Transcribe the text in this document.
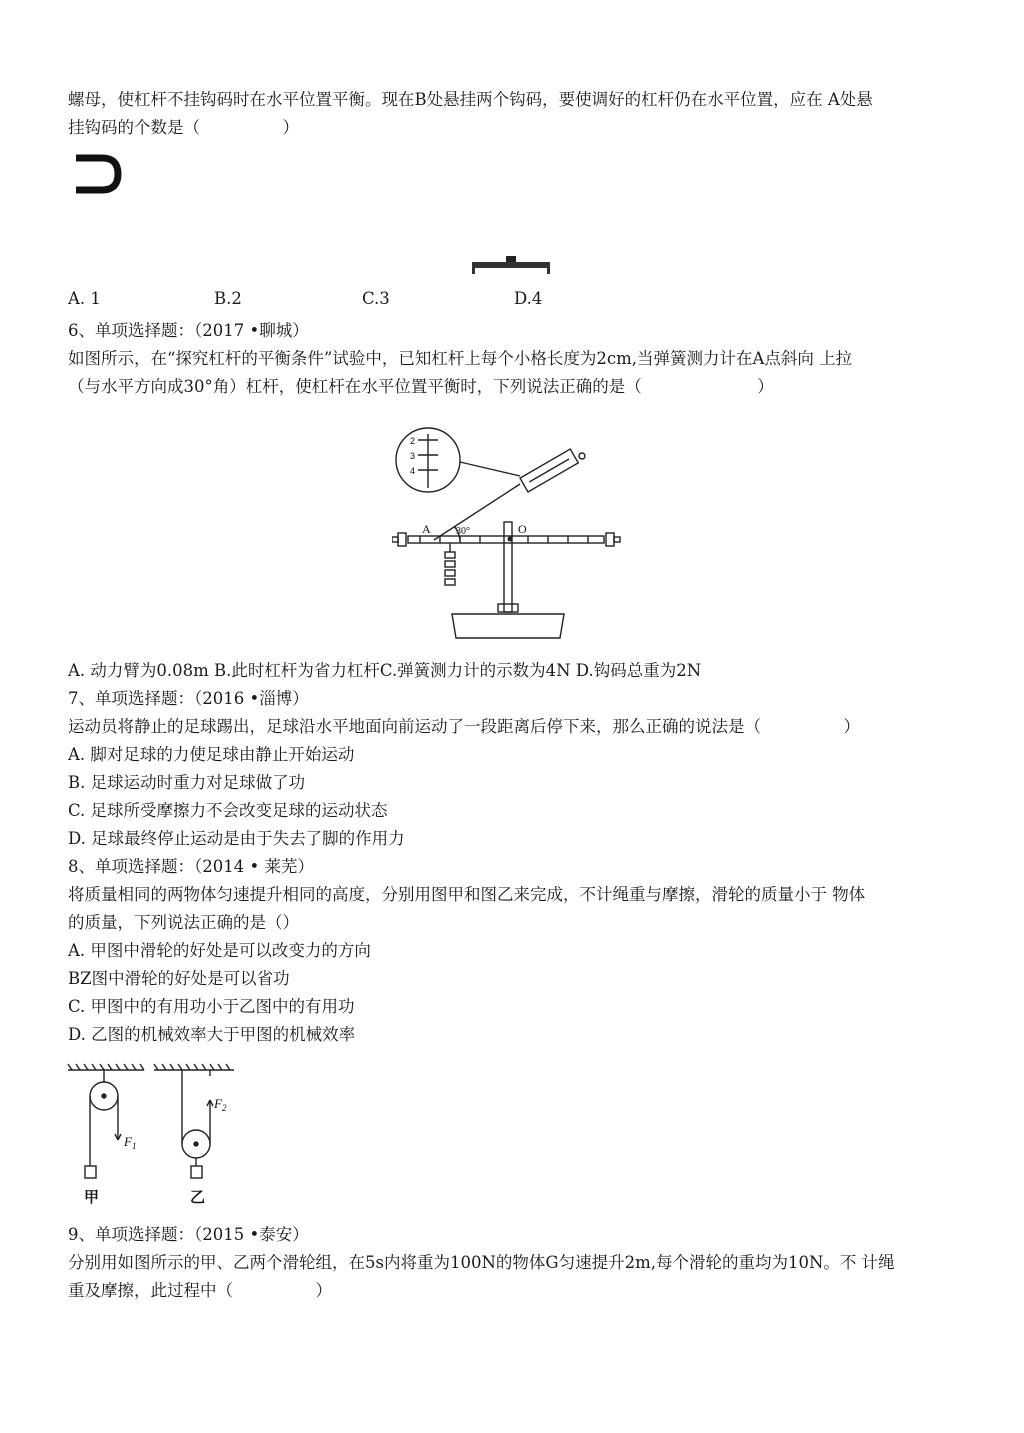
螺母，使杠杆不挂钩码时在水平位置平衡。现在B处悬挂两个钩码，要使调好的杠杆仍在水平位置，应在 A处悬
挂钩码的个数是（　　　　　）
A. 1	B.2	C.3	D.4
6、单项选择题：（2017 •聊城）
如图所示，在“探究杠杆的平衡条件”试验中，已知杠杆上每个小格长度为2cm,当弹簧测力计在A点斜向 上拉
（与水平方向成30°角）杠杆，使杠杆在水平位置平衡时，下列说法正确的是（　　　　　　　）
A	O
30°
2
3
4
A. 动力臂为0.08m B.此时杠杆为省力杠杆C.弹簧测力计的示数为4N D.钩码总重为2N
7、单项选择题：（2016 •淄博）
运动员将静止的足球踢出，足球沿水平地面向前运动了一段距离后停下来，那么正确的说法是（　　　　　）
A. 脚对足球的力使足球由静止开始运动
B. 足球运动时重力对足球做了功
C. 足球所受摩擦力不会改变足球的运动状态
D. 足球最终停止运动是由于失去了脚的作用力
8、单项选择题：（2014 • 莱芜）
将质量相同的两物体匀速提升相同的高度，分别用图甲和图乙来完成，不计绳重与摩擦，滑轮的质量小于 物体
的质量，下列说法正确的是（）
A. 甲图中滑轮的好处是可以改变力的方向
BZ图中滑轮的好处是可以省功
C. 甲图中的有用功小于乙图中的有用功
D. 乙图的机械效率大于甲图的机械效率
$F_1$
$F_2$
甲	乙
9、单项选择题：（2015 •泰安）
分别用如图所示的甲、乙两个滑轮组，在5s内将重为100N的物体G匀速提升2m,每个滑轮的重均为10N。不 计绳
重及摩擦，此过程中（　　　　　）
